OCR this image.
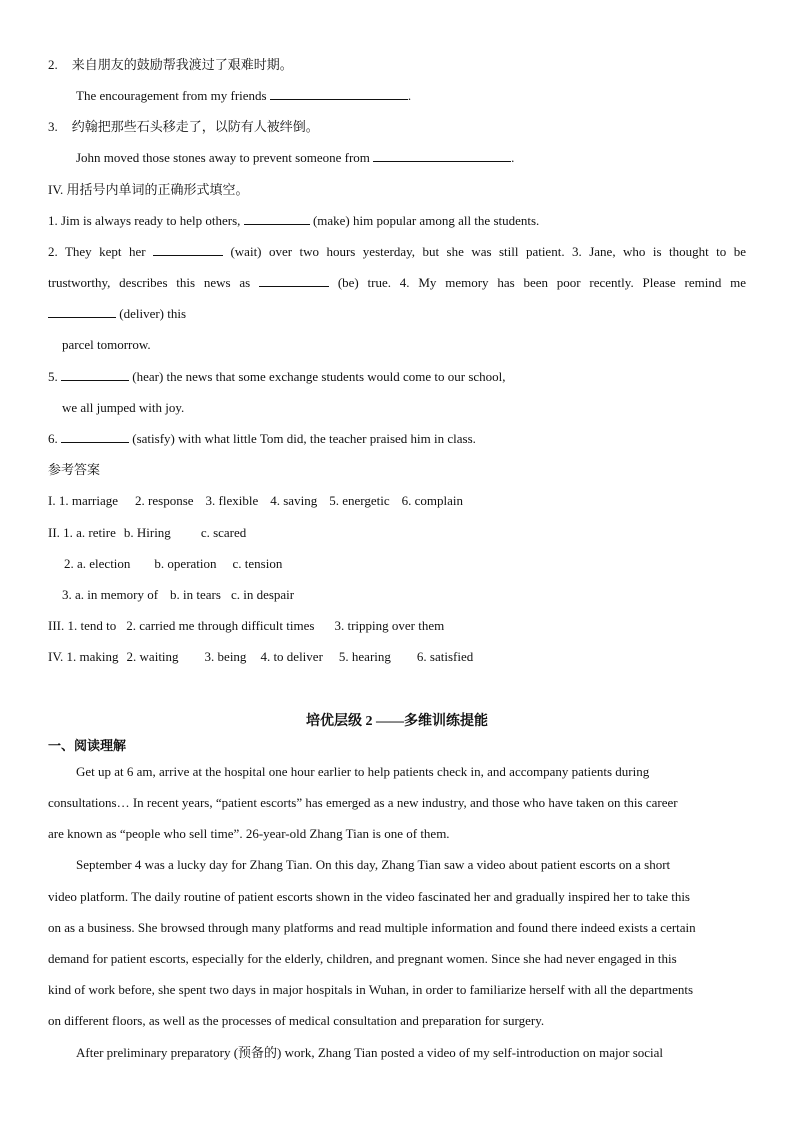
2. 来自朋友的鼓励帮我渡过了艰难时期。
The encouragement from my friends	.
3. 约翰把那些石头移走了，以防有人被绊倒。
John moved those stones away to prevent someone from	.
IV. 用括号内单词的正确形式填空。
1. Jim is always ready to help others,	(make) him popular among all the students.
2. They kept her	(wait) over two hours yesterday, but she was still patient. 3. Jane, who is thought to be
trustworthy, describes this news as	(be) true. 4. My memory has been poor recently. Please remind me
(deliver) this
parcel tomorrow.
5.	(hear) the news that some exchange students would come to our school,
we all jumped with joy.
6.	(satisfy) with what little Tom did, the teacher praised him in class.
参考答案
I. 1. marriage 2. response 3. flexible 4. saving 5. energetic 6. complain
II. 1. a. retire b. Hiring c. scared
2. a. election b. operation c. tension
3. a. in memory of b. in tears c. in despair
III. 1. tend to 2. carried me through difficult times 3. tripping over them
IV. 1. making 2. waiting 3. being 4. to deliver 5. hearing 6. satisfied
培优层级 2 ——多维训练提能
一、阅读理解
Get up at 6 am, arrive at the hospital one hour earlier to help patients check in, and accompany patients during
consultations… In recent years, “patient escorts” has emerged as a new industry, and those who have taken on this career
are known as “people who sell time”. 26-year-old Zhang Tian is one of them.
September 4 was a lucky day for Zhang Tian. On this day, Zhang Tian saw a video about patient escorts on a short
video platform. The daily routine of patient escorts shown in the video fascinated her and gradually inspired her to take this
on as a business. She browsed through many platforms and read multiple information and found there indeed exists a certain
demand for patient escorts, especially for the elderly, children, and pregnant women. Since she had never engaged in this
kind of work before, she spent two days in major hospitals in Wuhan, in order to familiarize herself with all the departments
on different floors, as well as the processes of medical consultation and preparation for surgery.
After preliminary preparatory (预备的) work, Zhang Tian posted a video of my self-introduction on major social
